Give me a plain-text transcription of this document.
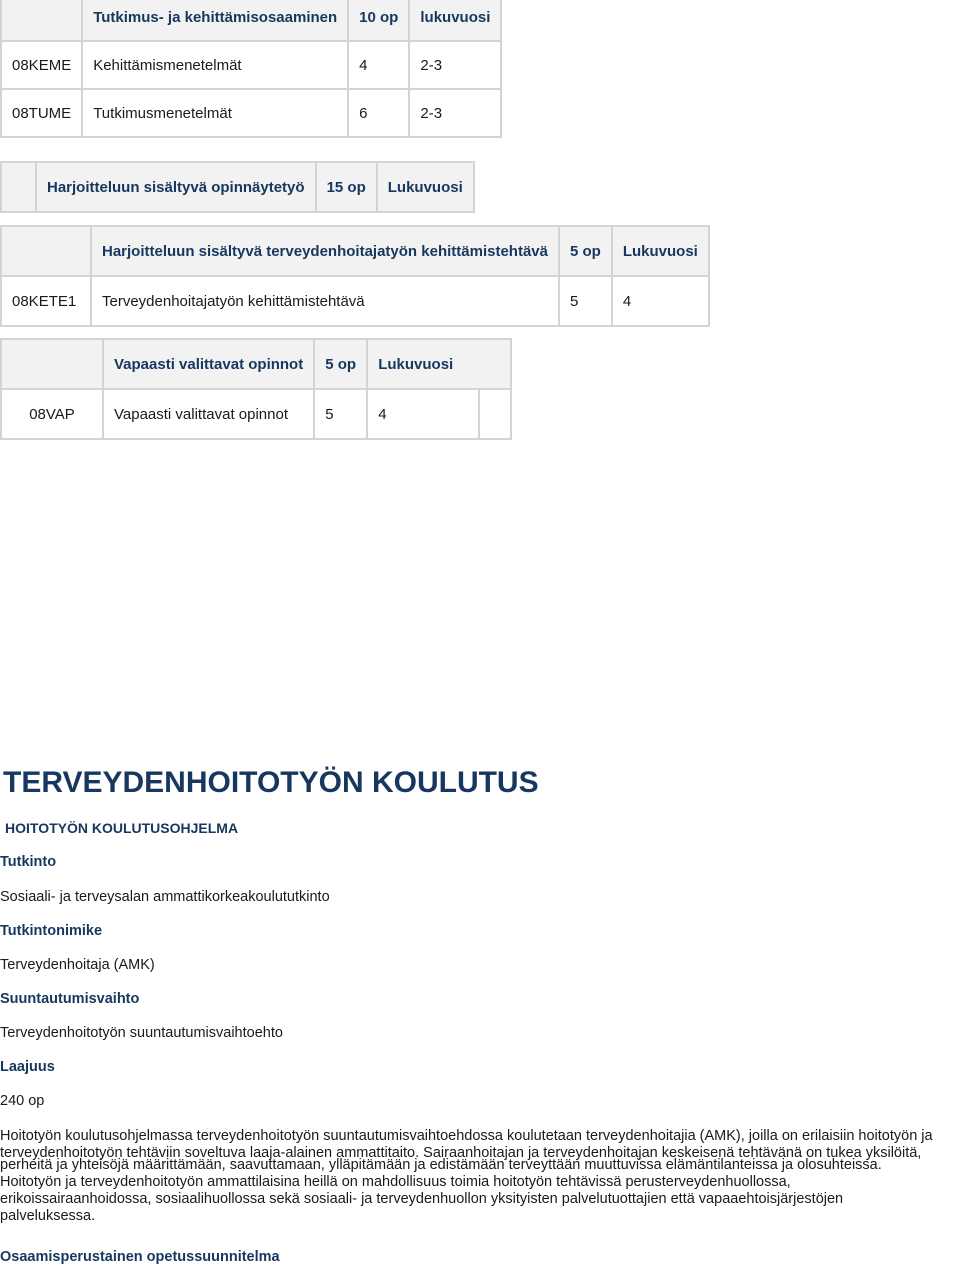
	Tutkimus- ja kehittämisosaaminen	10 op	lukuvuosi
08KEME	Kehittämismenetelmät	4	2-3
08TUME	Tutkimusmenetelmät	6	2-3
	Harjoitteluun sisältyvä opinnäytetyö	15 op	Lukuvuosi
	Harjoitteluun sisältyvä terveydenhoitajatyön kehittämistehtävä	5 op	Lukuvuosi
08KETE1	Terveydenhoitajatyön kehittämistehtävä	5	4
	Vapaasti valittavat opinnot	5 op	Lukuvuosi	
08VAP	Vapaasti valittavat opinnot	5	4	
TERVEYDENHOITOTYÖN KOULUTUS
HOITOTYÖN KOULUTUSOHJELMA
Tutkinto
Sosiaali- ja terveysalan ammattikorkeakoulututkinto
Tutkintonimike
Terveydenhoitaja (AMK)
Suuntautumisvaihto
Terveydenhoitotyön suuntautumisvaihtoehto
Laajuus
240 op
Hoitotyön koulutusohjelmassa terveydenhoitotyön suuntautumisvaihtoehdossa koulutetaan terveydenhoitajia (AMK), joilla on erilaisiin hoitotyön ja
perheitä ja yhteisöjä määrittämään, saavuttamaan, ylläpitämään ja edistämään terveyttään muuttuvissa elämäntilanteissa ja olosuhteissa.
Hoitotyön ja terveydenhoitotyön ammattilaisina heillä on mahdollisuus toimia hoitotyön tehtävissä perusterveydenhuollossa,
erikoissairaanhoidossa, sosiaalihuollossa sekä sosiaali- ja terveydenhuollon yksityisten palvelutuottajien että vapaaehtoisjärjestöjen
palveluksessa.
terveydenhoitotyön tehtäviin soveltuva laaja-alainen ammattitaito. Sairaanhoitajan ja terveydenhoitajan keskeisenä tehtävänä on tukea yksilöitä,
Osaamisperustainen opetussuunnitelma
